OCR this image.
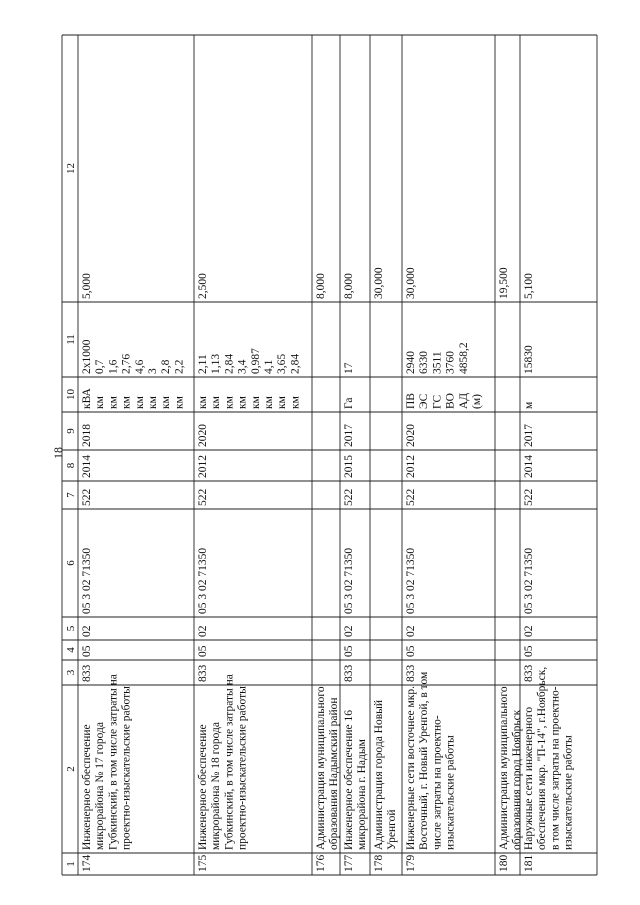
18
1
2
3
4
5
6
7
8
9
10
11
12
174
Инженерное обеспечение микрорайона № 17 города Губкинский, в том числе затраты на проектно-изыскательские работы
833
05
02
05 3 02 71350
522
2014
2018
кВА км км км км км км км
2х1000 0,7 1,6 2,76 4,6 3 2,8 2,2
5,000
175
Инженерное обеспечение микрорайона № 18 города Губкинский, в том числе затраты на проектно-изыскательские работы
833
05
02
05 3 02 71350
522
2012
2020
км км км км км км км км
2,11 1,13 2,84 3,4 0,987 4,1 3,65 2,84
2,500
176
Администрация муниципального образования Надымский район
8,000
177
Инженерное обеспечение 16 микрорайона г. Надым
833
05
02
05 3 02 71350
522
2015
2017
Га
17
8,000
178
Администрация города Новый Уренгой
30,000
179
Инженерные сети восточнее мкр. Восточный, г. Новый Уренгой, в том числе затраты на проектно- изыскательские работы
833
05
02
05 3 02 71350
522
2012
2020
ПВ ЭС ГС ВО АД (м)
2940 6330 3511 3760 4858,2
30,000
180
Администрация муниципального образования город Ноябрьск
19,500
181
Наружные сети инженерного обеспечения мкр. "П-14", г.Ноябрьск, в том числе затраты на проектно- изыскательские работы
833
05
02
05 3 02 71350
522
2014
2017
м
15830
5,100
